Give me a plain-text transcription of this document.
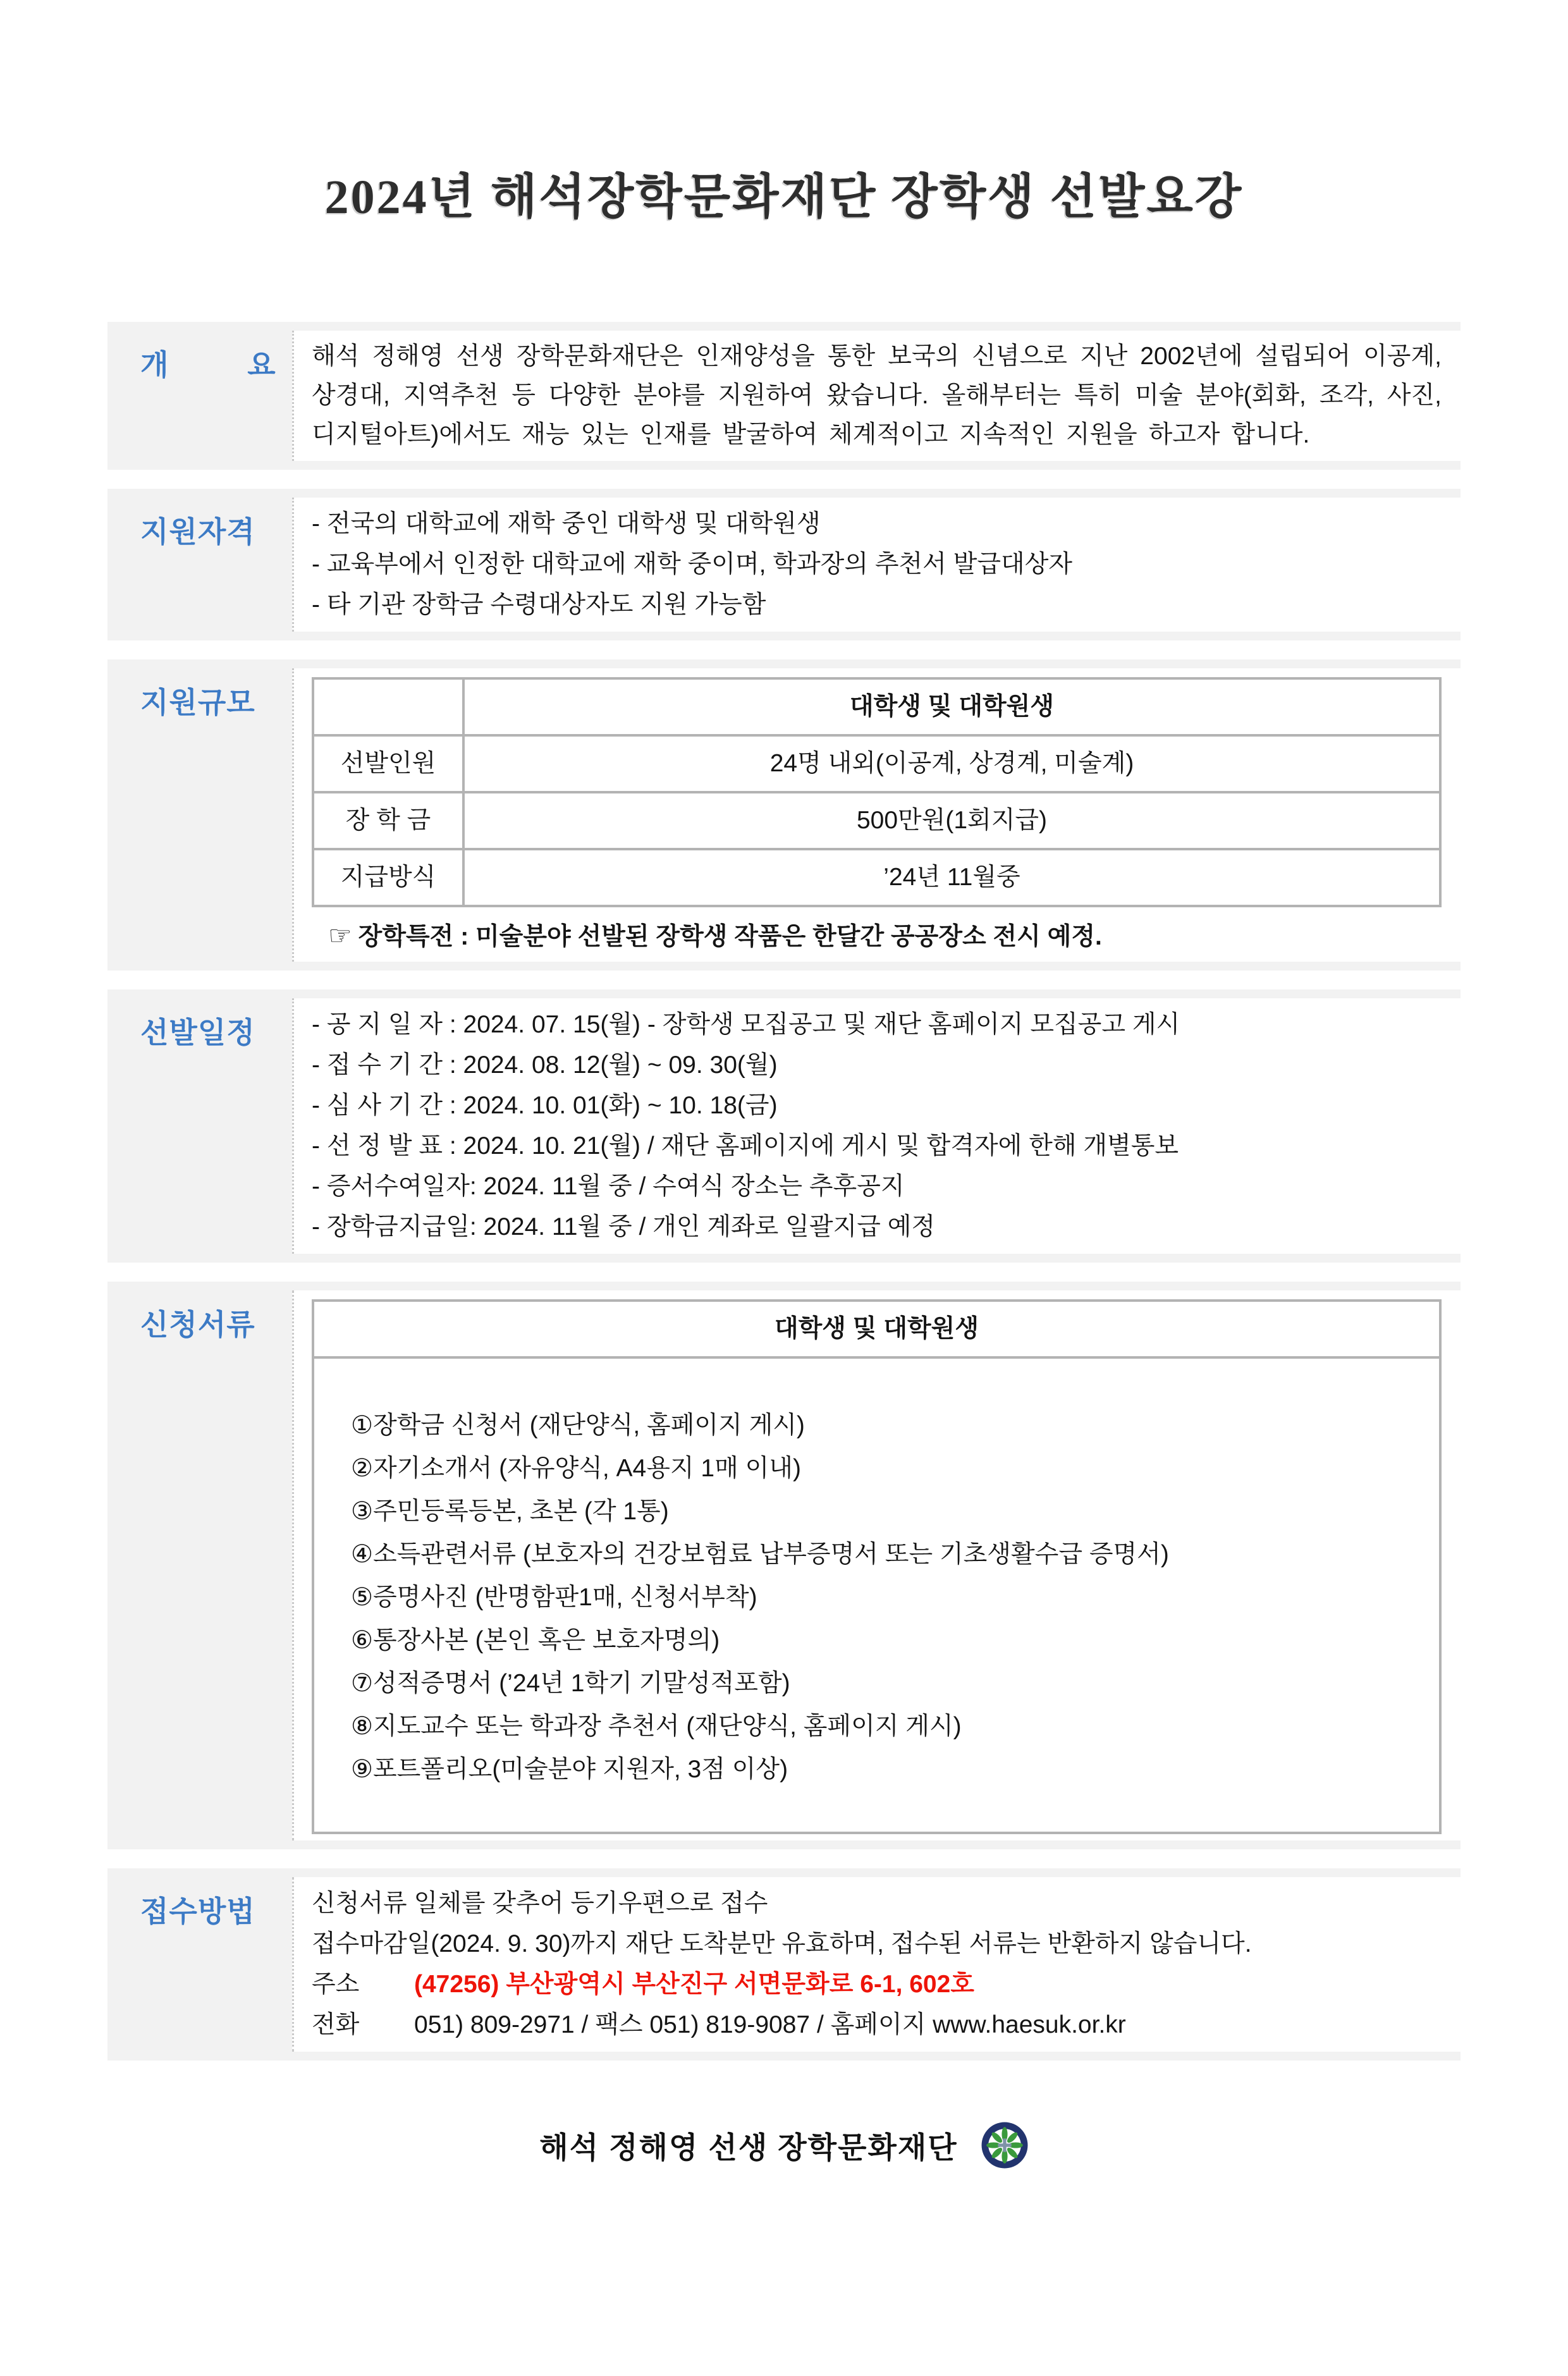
2024년 해석장학문화재단 장학생 선발요강
개 요	해석 정해영 선생 장학문화재단은 인재양성을 통한 보국의 신념으로 지난 2002년에 설립되어 이공계, 상경대, 지역추천 등 다양한 분야를 지원하여 왔습니다. 올해부터는 특히 미술 분야(회화, 조각, 사진, 디지털아트)에서도 재능 있는 인재를 발굴하여 체계적이고 지속적인 지원을 하고자 합니다.
지원자격	- 전국의 대학교에 재학 중인 대학생 및 대학원생
- 교육부에서 인정한 대학교에 재학 중이며, 학과장의 추천서 발급대상자
- 타 기관 장학금 수령대상자도 지원 가능함
지원규모
		대학생 및 대학원생
선발인원	24명 내외(이공계, 상경계, 미술계)
장 학 금	500만원(1회지급)
지급방식	’24년 11월중
☞ 장학특전 : 미술분야 선발된 장학생 작품은 한달간 공공장소 전시 예정.
선발일정	- 공 지 일 자 : 2024. 07. 15(월) - 장학생 모집공고 및 재단 홈페이지 모집공고 게시
- 접 수 기 간 : 2024. 08. 12(월) ~ 09. 30(월)
- 심 사 기 간 : 2024. 10. 01(화) ~ 10. 18(금)
- 선 정 발 표 : 2024. 10. 21(월) / 재단 홈페이지에 게시 및 합격자에 한해 개별통보
- 증서수여일자: 2024. 11월 중 / 수여식 장소는 추후공지
- 장학금지급일: 2024. 11월 중 / 개인 계좌로 일괄지급 예정
신청서류	대학생 및 대학원생

①장학금 신청서 (재단양식, 홈페이지 게시)
②자기소개서 (자유양식, A4용지 1매 이내)
③주민등록등본, 초본 (각 1통)
④소득관련서류 (보호자의 건강보험료 납부증명서 또는 기초생활수급 증명서)
⑤증명사진 (반명함판1매, 신청서부착)
⑥통장사본 (본인 혹은 보호자명의)
⑦성적증명서 (’24년 1학기 기말성적포함)
⑧지도교수 또는 학과장 추천서 (재단양식, 홈페이지 게시)
⑨포트폴리오(미술분야 지원자, 3점 이상)
접수방법	신청서류 일체를 갖추어 등기우편으로 접수
접수마감일(2024. 9. 30)까지 재단 도착분만 유효하며, 접수된 서류는 반환하지 않습니다.
주소 (47256) 부산광역시 부산진구 서면문화로 6-1, 602호
전화 051) 809-2971 / 팩스 051) 819-9087 / 홈페이지 www.haesuk.or.kr
해석 정해영 선생 장학문화재단
